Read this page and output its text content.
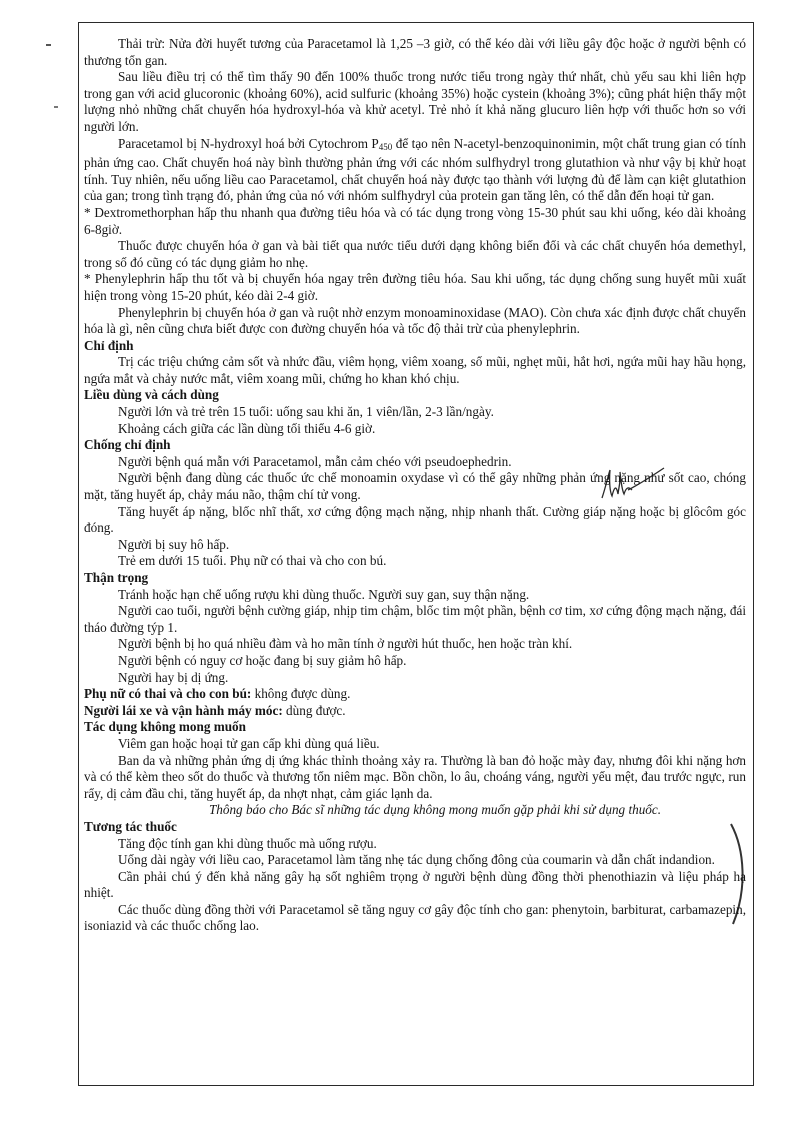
Thải trừ: Nửa đời huyết tương của Paracetamol là 1,25 –3 giờ, có thể kéo dài với liều gây độc hoặc ở người bệnh có thương tổn gan.

Sau liều điều trị có thể tìm thấy 90 đến 100% thuốc trong nước tiểu trong ngày thứ nhất, chủ yếu sau khi liên hợp trong gan với acid glucoronic (khoảng 60%), acid sulfuric (khoảng 35%) hoặc cystein (khoảng 3%); cũng phát hiện thấy một lượng nhỏ những chất chuyển hóa hydroxyl-hóa và khử acetyl. Trẻ nhỏ ít khả năng glucuro liên hợp với thuốc hơn so với người lớn.

Paracetamol bị N-hydroxyl hoá bởi Cytochrom $P_{450}$ để tạo nên N-acetyl-benzoquinonimin, một chất trung gian có tính phản ứng cao. Chất chuyển hoá này bình thường phản ứng với các nhóm sulfhydryl trong glutathion và như vậy bị khử hoạt tính. Tuy nhiên, nếu uống liều cao Paracetamol, chất chuyển hoá này được tạo thành với lượng đủ để làm cạn kiệt glutathion của gan; trong tình trạng đó, phản ứng của nó với nhóm sulfhydryl của protein gan tăng lên, có thể dẫn đến hoại tử gan.

* Dextromethorphan hấp thu nhanh qua đường tiêu hóa và có tác dụng trong vòng 15-30 phút sau khi uống, kéo dài khoảng 6-8giờ.

Thuốc được chuyển hóa ở gan và bài tiết qua nước tiểu dưới dạng không biến đổi và các chất chuyển hóa demethyl, trong số đó cũng có tác dụng giảm ho nhẹ.

* Phenylephrin hấp thu tốt và bị chuyển hóa ngay trên đường tiêu hóa. Sau khi uống, tác dụng chống sung huyết mũi xuất hiện trong vòng 15-20 phút, kéo dài 2-4 giờ.

Phenylephrin bị chuyển hóa ở gan và ruột nhờ enzym monoaminoxidase (MAO). Còn chưa xác định được chất chuyển hóa là gì, nên cũng chưa biết được con đường chuyển hóa và tốc độ thải trừ của phenylephrin.

Chỉ định

Trị các triệu chứng cảm sốt và nhức đầu, viêm họng, viêm xoang, sổ mũi, nghẹt mũi, hắt hơi, ngứa mũi hay hầu họng, ngứa mắt và chảy nước mắt, viêm xoang mũi, chứng ho khan khó chịu.

Liều dùng và cách dùng

Người lớn và trẻ trên 15 tuổi: uống sau khi ăn, 1 viên/lần, 2-3 lần/ngày.

Khoảng cách giữa các lần dùng tối thiểu 4-6 giờ.

Chống chỉ định

Người bệnh quá mẫn với Paracetamol, mẫn cảm chéo với pseudoephedrin.

Người bệnh đang dùng các thuốc ức chế monoamin oxydase vì có thể gây những phản ứng nặng như sốt cao, chóng mặt, tăng huyết áp, chảy máu não, thậm chí tử vong.

Tăng huyết áp nặng, blốc nhĩ thất, xơ cứng động mạch nặng, nhịp nhanh thất. Cường giáp nặng hoặc bị glôcôm góc đóng.

Người bị suy hô hấp.

Trẻ em dưới 15 tuổi. Phụ nữ có thai và cho con bú.

Thận trọng

Tránh hoặc hạn chế uống rượu khi dùng thuốc. Người suy gan, suy thận nặng.

Người cao tuổi, người bệnh cường giáp, nhịp tim chậm, blốc tim một phần, bệnh cơ tim, xơ cứng động mạch nặng, đái tháo đường týp 1.

Người bệnh bị ho quá nhiều đàm và ho mãn tính ở người hút thuốc, hen hoặc tràn khí.

Người bệnh có nguy cơ hoặc đang bị suy giảm hô hấp.

Người hay bị dị ứng.

Phụ nữ có thai và cho con bú: không được dùng.

Người lái xe và vận hành máy móc: dùng được.

Tác dụng không mong muốn

Viêm gan hoặc hoại tử gan cấp khi dùng quá liều.

Ban da và những phản ứng dị ứng khác thỉnh thoảng xảy ra. Thường là ban đỏ hoặc mày đay, nhưng đôi khi nặng hơn và có thể kèm theo sốt do thuốc và thương tổn niêm mạc. Bồn chồn, lo âu, choáng váng, người yếu mệt, đau trước ngực, run rẩy, dị cảm đầu chi, tăng huyết áp, da nhợt nhạt, cảm giác lạnh da.

Thông báo cho Bác sĩ những tác dụng không mong muốn gặp phải khi sử dụng thuốc.

Tương tác thuốc

Tăng độc tính gan khi dùng thuốc mà uống rượu.

Uống dài ngày với liều cao, Paracetamol làm tăng nhẹ tác dụng chống đông của coumarin và dẫn chất indandion.

Cần phải chú ý đến khả năng gây hạ sốt nghiêm trọng ở người bệnh dùng đồng thời phenothiazin và liệu pháp hạ nhiệt.

Các thuốc dùng đồng thời với Paracetamol sẽ tăng nguy cơ gây độc tính cho gan: phenytoin, barbiturat, carbamazepin, isoniazid và các thuốc chống lao.
